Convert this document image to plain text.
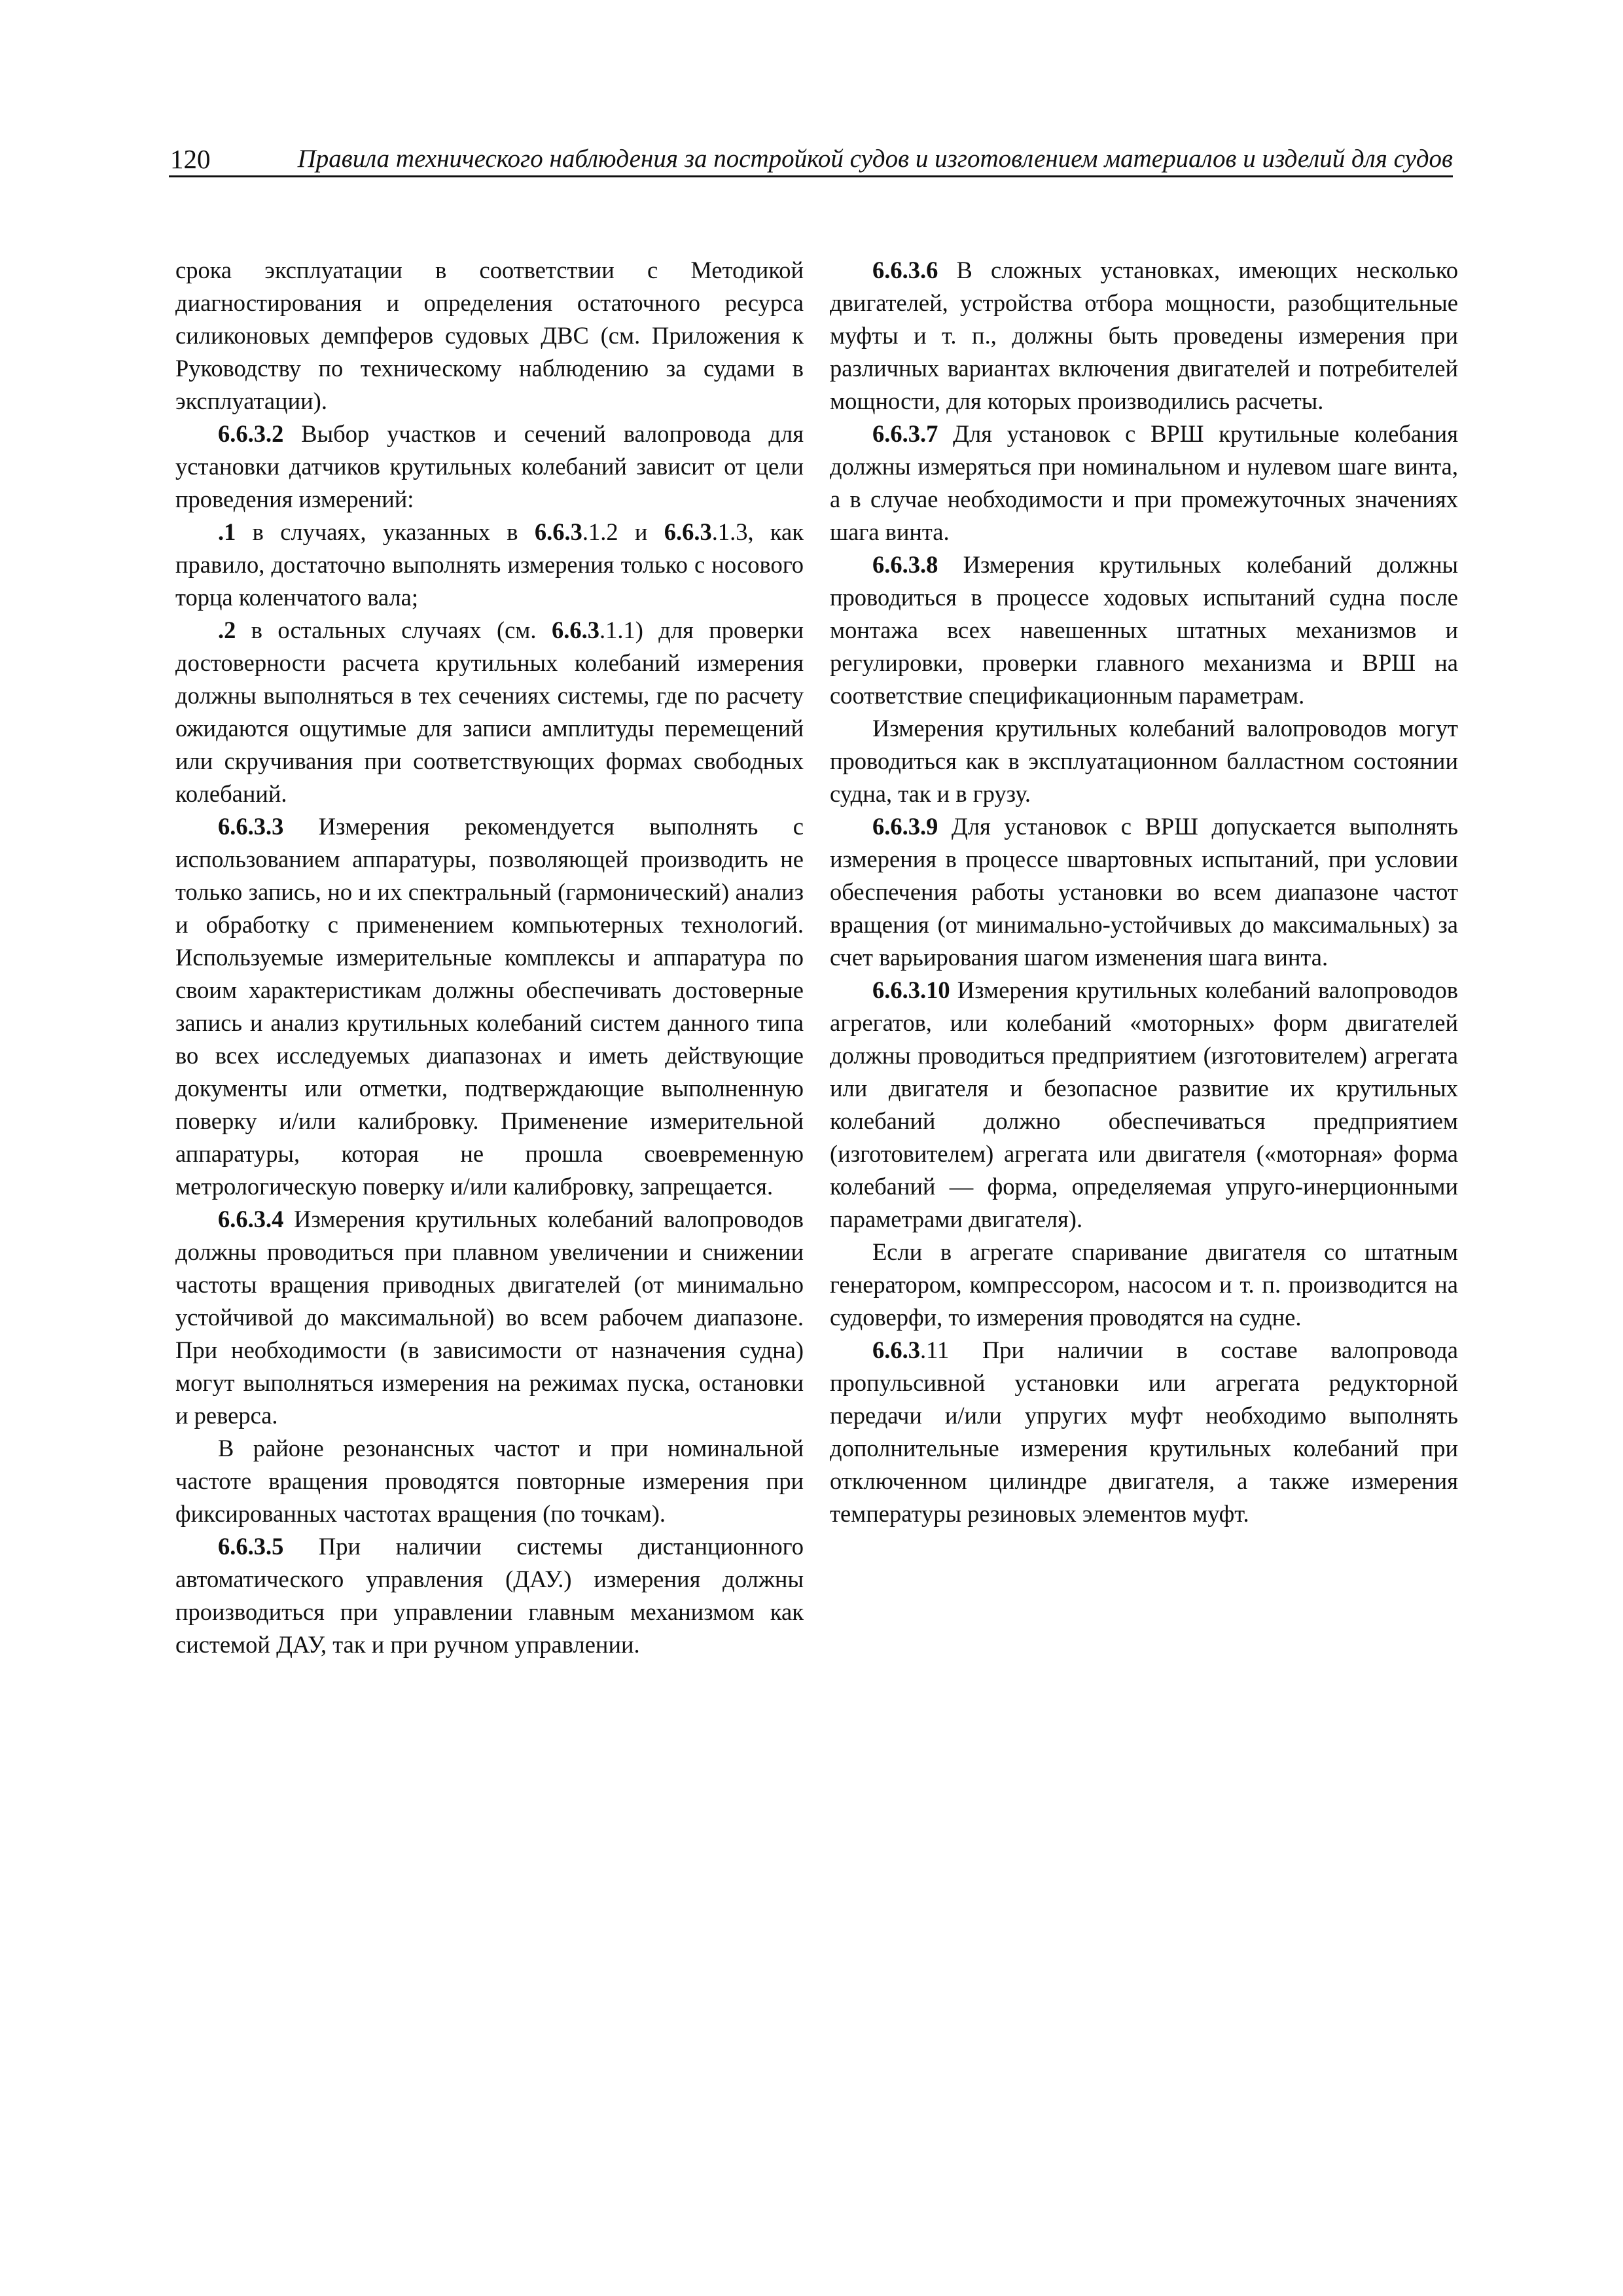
120	Правила технического наблюдения за постройкой судов и изготовлением материалов и изделий для судов

срока эксплуатации в соответствии с Методикой диагностирования и определения остаточного ресурса силиконовых демпферов судовых ДВС (см. Приложения к Руководству по техническому наблюдению за судами в эксплуатации).

6.6.3.2 Выбор участков и сечений валопровода для установки датчиков крутильных колебаний зависит от цели проведения измерений:

.1 в случаях, указанных в 6.6.3.1.2 и 6.6.3.1.3, как правило, достаточно выполнять измерения только с носового торца коленчатого вала;

.2 в остальных случаях (см. 6.6.3.1.1) для проверки достоверности расчета крутильных колебаний измерения должны выполняться в тех сечениях системы, где по расчету ожидаются ощутимые для записи амплитуды перемещений или скручивания при соответствующих формах свободных колебаний.

6.6.3.3 Измерения рекомендуется выполнять с использованием аппаратуры, позволяющей производить не только запись, но и их спектральный (гармонический) анализ и обработку с применением компьютерных технологий. Используемые измерительные комплексы и аппаратура по своим характеристикам должны обеспечивать достоверные запись и анализ крутильных колебаний систем данного типа во всех исследуемых диапазонах и иметь действующие документы или отметки, подтверждающие выполненную поверку и/или калибровку. Применение измерительной аппаратуры, которая не прошла своевременную метрологическую поверку и/или калибровку, запрещается.

6.6.3.4 Измерения крутильных колебаний валопроводов должны проводиться при плавном увеличении и снижении частоты вращения приводных двигателей (от минимально устойчивой до максимальной) во всем рабочем диапазоне. При необходимости (в зависимости от назначения судна) могут выполняться измерения на режимах пуска, остановки и реверса.

В районе резонансных частот и при номинальной частоте вращения проводятся повторные измерения при фиксированных частотах вращения (по точкам).

6.6.3.5 При наличии системы дистанционного автоматического управления (ДАУ.) измерения должны производиться при управлении главным механизмом как системой ДАУ, так и при ручном управлении.

6.6.3.6 В сложных установках, имеющих несколько двигателей, устройства отбора мощности, разобщительные муфты и т. п., должны быть проведены измерения при различных вариантах включения двигателей и потребителей мощности, для которых производились расчеты.

6.6.3.7 Для установок с ВРШ крутильные колебания должны измеряться при номинальном и нулевом шаге винта, а в случае необходимости и при промежуточных значениях шага винта.

6.6.3.8 Измерения крутильных колебаний должны проводиться в процессе ходовых испытаний судна после монтажа всех навешенных штатных механизмов и регулировки, проверки главного механизма и ВРШ на соответствие спецификационным параметрам.

Измерения крутильных колебаний валопроводов могут проводиться как в эксплуатационном балластном состоянии судна, так и в грузу.

6.6.3.9 Для установок с ВРШ допускается выполнять измерения в процессе швартовных испытаний, при условии обеспечения работы установки во всем диапазоне частот вращения (от минимально-устойчивых до максимальных) за счет варьирования шагом изменения шага винта.

6.6.3.10 Измерения крутильных колебаний валопроводов агрегатов, или колебаний «моторных» форм двигателей должны проводиться предприятием (изготовителем) агрегата или двигателя и безопасное развитие их крутильных колебаний должно обеспечиваться предприятием (изготовителем) агрегата или двигателя («моторная» форма колебаний — форма, определяемая упруго-инерционными параметрами двигателя).

Если в агрегате спаривание двигателя со штатным генератором, компрессором, насосом и т. п. производится на судоверфи, то измерения проводятся на судне.

6.6.3.11 При наличии в составе валопровода пропульсивной установки или агрегата редукторной передачи и/или упругих муфт необходимо выполнять дополнительные измерения крутильных колебаний при отключенном цилиндре двигателя, а также измерения температуры резиновых элементов муфт.
